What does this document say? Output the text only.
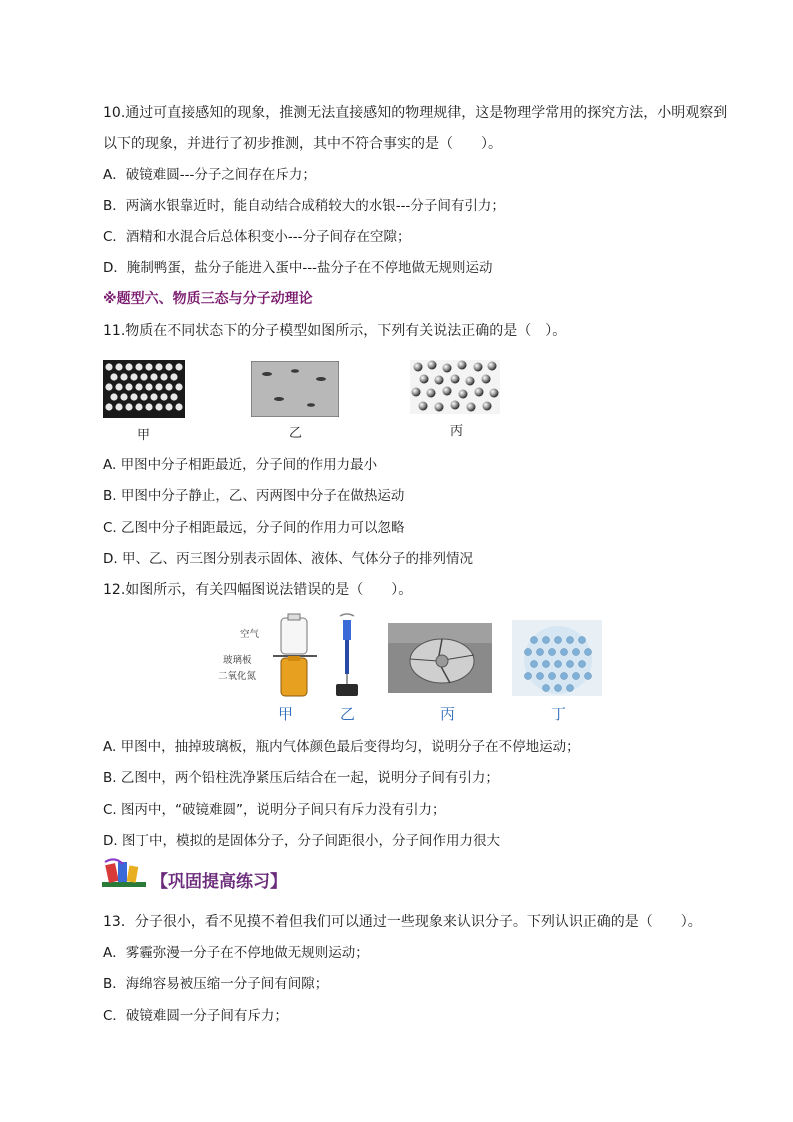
10.通过可直接感知的现象，推测无法直接感知的物理规律，这是物理学常用的探究方法，小明观察到
以下的现象，并进行了初步推测，其中不符合事实的是（　　）。
A．破镜难圆---分子之间存在斥力；
B．两滴水银靠近时，能自动结合成稍较大的水银---分子间有引力；
C．酒精和水混合后总体积变小---分子间存在空隙；
D．腌制鸭蛋，盐分子能进入蛋中---盐分子在不停地做无规则运动
※题型六、物质三态与分子动理论
11.物质在不同状态下的分子模型如图所示，下列有关说法正确的是（　）。
甲	乙	丙
A. 甲图中分子相距最近，分子间的作用力最小
B. 甲图中分子静止，乙、丙两图中分子在做热运动
C. 乙图中分子相距最远，分子间的作用力可以忽略
D. 甲、乙、丙三图分别表示固体、液体、气体分子的排列情况
12.如图所示，有关四幅图说法错误的是（　　）。
空气
玻璃板
二氧化氮
甲	乙	丙	丁
A. 甲图中，抽掉玻璃板，瓶内气体颜色最后变得均匀，说明分子在不停地运动；
B. 乙图中，两个铅柱洗净紧压后结合在一起，说明分子间有引力；
C. 图丙中，“破镜难圆”，说明分子间只有斥力没有引力；
D. 图丁中，模拟的是固体分子，分子间距很小，分子间作用力很大
【巩固提高练习】
13．分子很小，看不见摸不着但我们可以通过一些现象来认识分子。下列认识正确的是（　　）。
A．雾霾弥漫一分子在不停地做无规则运动；
B．海绵容易被压缩一分子间有间隙；
C．破镜难圆一分子间有斥力；
